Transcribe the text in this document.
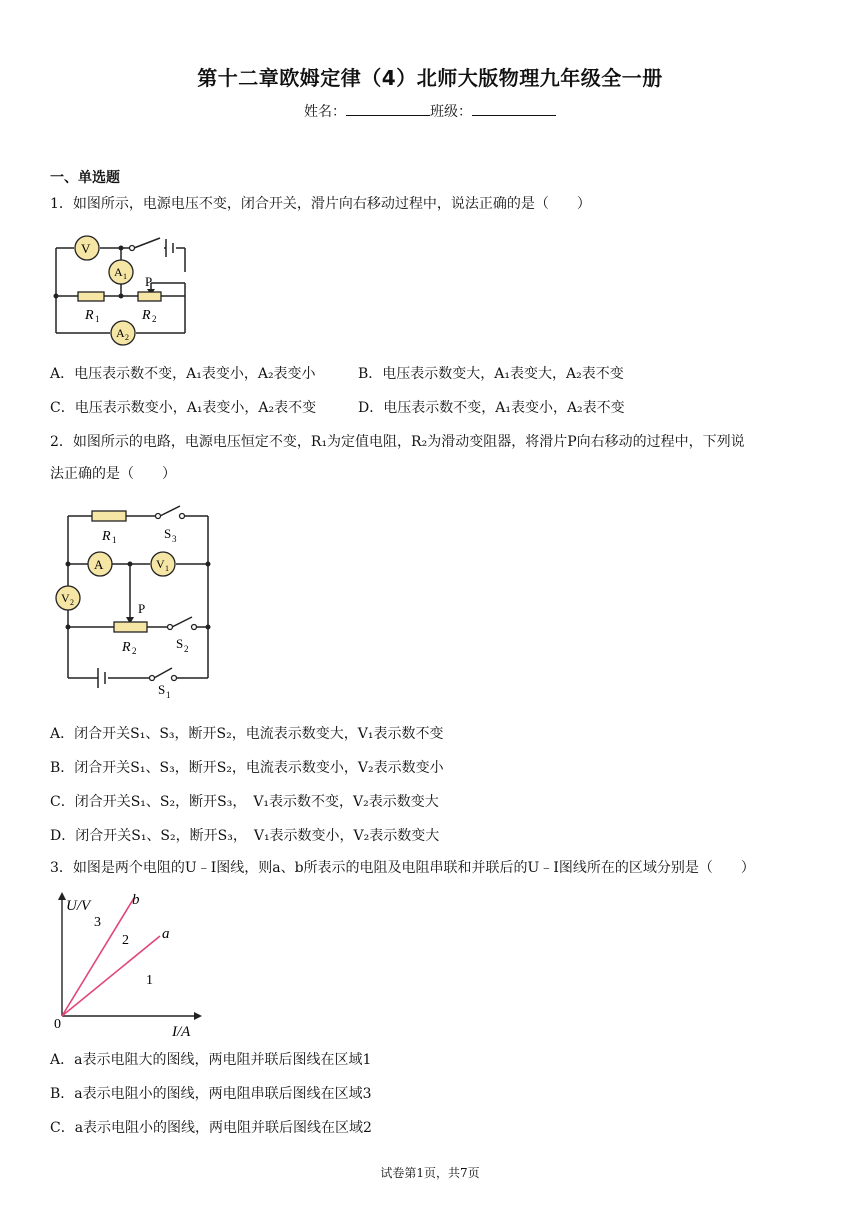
第十二章欧姆定律（4）北师大版物理九年级全一册
姓名：	班级：
一、单选题
1．如图所示，电源电压不变，闭合开关，滑片向右移动过程中，说法正确的是（　　）
V
A 1
A 2
P
R 1	R 2
A．电压表示数不变，A₁表变小，A₂表变小	B．电压表示数变大，A₁表变大，A₂表不变
C．电压表示数变小，A₁表变小，A₂表不变	D．电压表示数不变，A₁表变小，A₂表不变
2．如图所示的电路，电源电压恒定不变，R₁为定值电阻，R₂为滑动变阻器，将滑片P向右移动的过程中，下列说
法正确的是（　　）
A	V 1
V 2	P
R 1	S 3
R 2	S 2
S 1
A．闭合开关S₁、S₃，断开S₂，电流表示数变大，V₁表示数不变
B．闭合开关S₁、S₃，断开S₂，电流表示数变小，V₂表示数变小
C．闭合开关S₁、S₂，断开S₃，　V₁表示数不变，V₂表示数变大
D．闭合开关S₁、S₂，断开S₃，　V₁表示数变小，V₂表示数变大
3．如图是两个电阻的U﹣I图线，则a、b所表示的电阻及电阻串联和并联后的U﹣I图线所在的区域分别是（　　）
U/V
I/A
0
b
a
3
2
1
A．a表示电阻大的图线，两电阻并联后图线在区域1
B．a表示电阻小的图线，两电阻串联后图线在区域3
C．a表示电阻小的图线，两电阻并联后图线在区域2
试卷第1页，共7页
